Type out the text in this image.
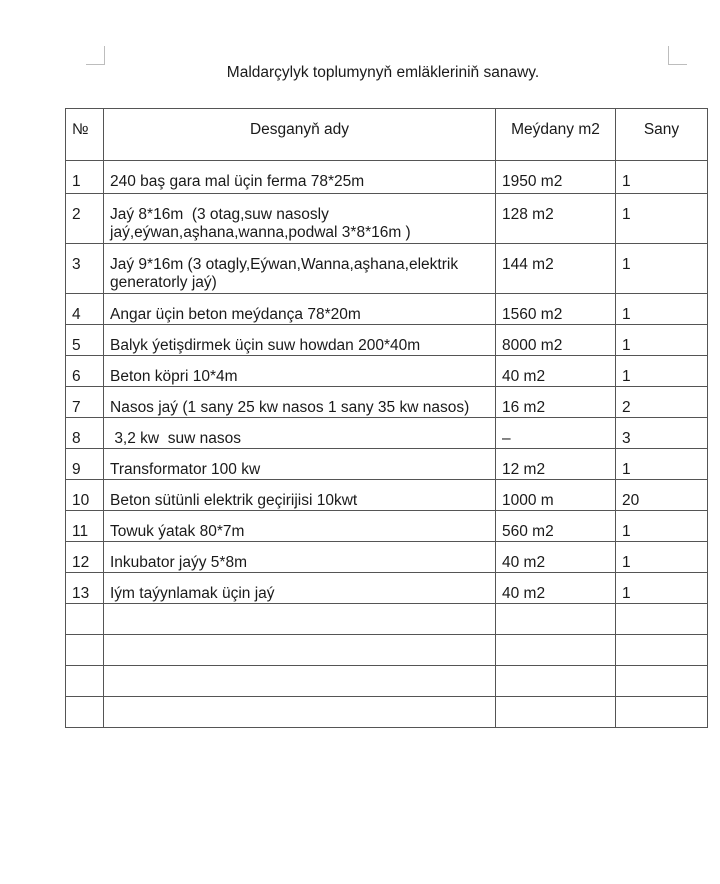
Maldarçylyk toplumynyň emläkleriniň sanawy.
№	Desganyň ady	Meýdany m2	Sany
1	240 baş gara mal üçin ferma 78*25m	1950 m2	1
2	Jaý 8*16m  (3 otag,suw nasosly jaý,eýwan,aşhana,wanna,podwal 3*8*16m )	128 m2	1
3	Jaý 9*16m (3 otagly,Eýwan,Wanna,aşhana,elektrik generatorly jaý)	144 m2	1
4	Angar üçin beton meýdança 78*20m	1560 m2	1
5	Balyk ýetişdirmek üçin suw howdan 200*40m	8000 m2	1
6	Beton köpri 10*4m	40 m2	1
7	Nasos jaý (1 sany 25 kw nasos 1 sany 35 kw nasos)	16 m2	2
8	3,2 kw  suw nasos	–	3
9	Transformator 100 kw	12 m2	1
10	Beton sütünli elektrik geçirijisi 10kwt	1000 m	20
11	Towuk ýatak 80*7m	560 m2	1
12	Inkubator jaýy 5*8m	40 m2	1
13	Iým taýynlamak üçin jaý	40 m2	1
